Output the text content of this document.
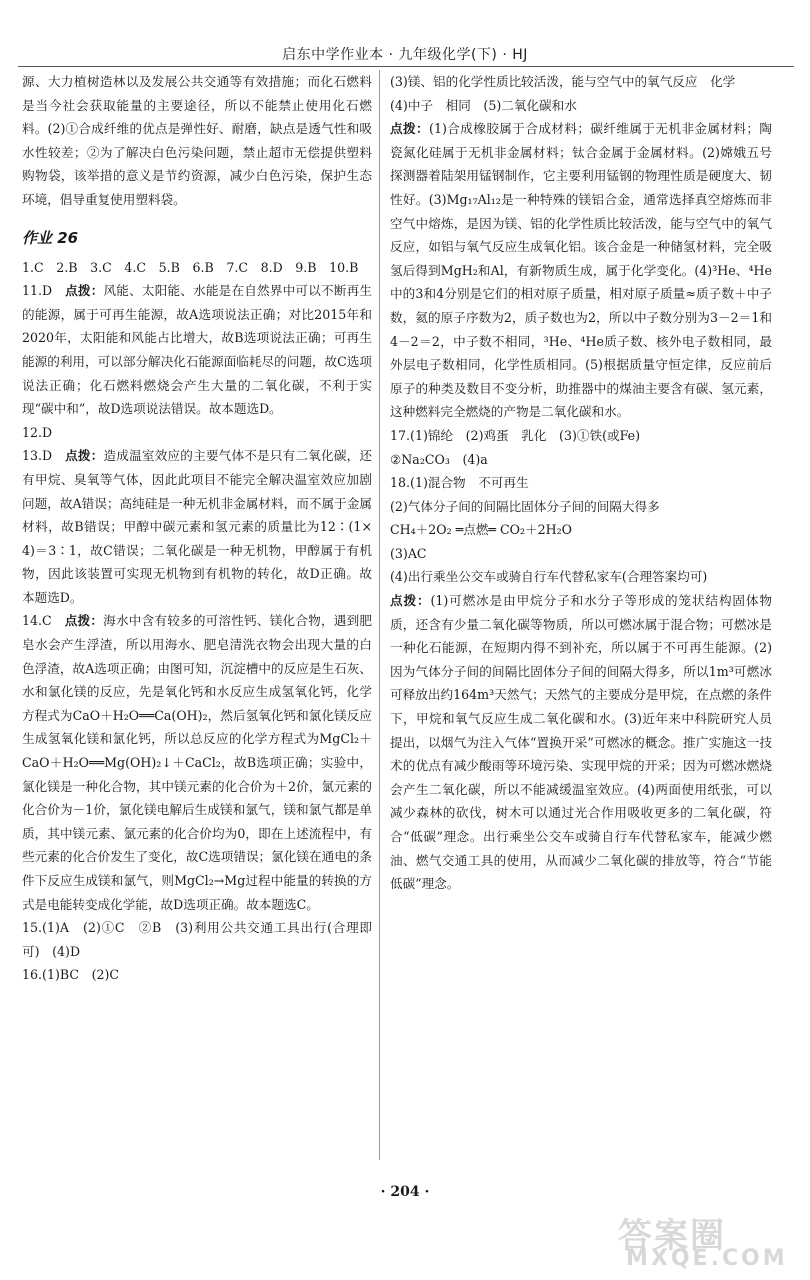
启东中学作业本 · 九年级化学(下) · HJ

源、大力植树造林以及发展公共交通等有效措施；而化石燃料是当今社会获取能量的主要途径，所以不能禁止使用化石燃料。(2)①合成纤维的优点是弹性好、耐磨，缺点是透气性和吸水性较差；②为了解决白色污染问题，禁止超市无偿提供塑料购物袋，该举措的意义是节约资源，减少白色污染，保护生态环境，倡导重复使用塑料袋。

作业 26

1.C　2.B　3.C　4.C　5.B　6.B　7.C　8.D　9.B　10.B

11.D　点拨：风能、太阳能、水能是在自然界中可以不断再生的能源，属于可再生能源，故A选项说法正确；对比2015年和2020年，太阳能和风能占比增大，故B选项说法正确；可再生能源的利用，可以部分解决化石能源面临耗尽的问题，故C选项说法正确；化石燃料燃烧会产生大量的二氧化碳，不利于实现“碳中和”，故D选项说法错误。故本题选D。

12.D

13.D　点拨：造成温室效应的主要气体不是只有二氧化碳，还有甲烷、臭氧等气体，因此此项目不能完全解决温室效应加剧问题，故A错误；高纯硅是一种无机非金属材料，而不属于金属材料，故B错误；甲醇中碳元素和氢元素的质量比为12∶(1×4)＝3∶1，故C错误；二氧化碳是一种无机物，甲醇属于有机物，因此该装置可实现无机物到有机物的转化，故D正确。故本题选D。

14.C　点拨：海水中含有较多的可溶性钙、镁化合物，遇到肥皂水会产生浮渣，所以用海水、肥皂清洗衣物会出现大量的白色浮渣，故A选项正确；由图可知，沉淀槽中的反应是生石灰、水和氯化镁的反应，先是氧化钙和水反应生成氢氧化钙，化学方程式为CaO＋H₂O══Ca(OH)₂，然后氢氧化钙和氯化镁反应生成氢氧化镁和氯化钙，所以总反应的化学方程式为MgCl₂＋CaO＋H₂O══Mg(OH)₂↓＋CaCl₂，故B选项正确；实验中，氯化镁是一种化合物，其中镁元素的化合价为＋2价，氯元素的化合价为－1价，氯化镁电解后生成镁和氯气，镁和氯气都是单质，其中镁元素、氯元素的化合价均为0，即在上述流程中，有些元素的化合价发生了变化，故C选项错误；氯化镁在通电的条件下反应生成镁和氯气，则MgCl₂→Mg过程中能量的转换的方式是电能转变成化学能，故D选项正确。故本题选C。

15.(1)A　(2)①C　②B　(3)利用公共交通工具出行(合理即可)　(4)D

16.(1)BC　(2)C

(3)镁、铝的化学性质比较活泼，能与空气中的氧气反应　化学

(4)中子　相同　(5)二氧化碳和水

点拨：(1)合成橡胶属于合成材料；碳纤维属于无机非金属材料；陶瓷氮化硅属于无机非金属材料；钛合金属于金属材料。(2)嫦娥五号探测器着陆架用锰钢制作，它主要利用锰钢的物理性质是硬度大、韧性好。(3)Mg₁₇Al₁₂是一种特殊的镁铝合金，通常选择真空熔炼而非空气中熔炼，是因为镁、铝的化学性质比较活泼，能与空气中的氧气反应，如铝与氧气反应生成氧化铝。该合金是一种储氢材料，完全吸氢后得到MgH₂和Al，有新物质生成，属于化学变化。(4)³He、⁴He中的3和4分别是它们的相对原子质量，相对原子质量≈质子数＋中子数，氦的原子序数为2，质子数也为2，所以中子数分别为3－2＝1和4－2＝2，中子数不相同，³He、⁴He质子数、核外电子数相同，最外层电子数相同，化学性质相同。(5)根据质量守恒定律，反应前后原子的种类及数目不变分析，助推器中的煤油主要含有碳、氢元素，这种燃料完全燃烧的产物是二氧化碳和水。

17.(1)锦纶　(2)鸡蛋　乳化　(3)①铁(或Fe)

②Na₂CO₃　(4)a

18.(1)混合物　不可再生

(2)气体分子间的间隔比固体分子间的间隔大得多

CH₄＋2O₂ ═点燃═ CO₂＋2H₂O

(3)AC

(4)出行乘坐公交车或骑自行车代替私家车(合理答案均可)

点拨：(1)可燃冰是由甲烷分子和水分子等形成的笼状结构固体物质，还含有少量二氧化碳等物质，所以可燃冰属于混合物；可燃冰是一种化石能源，在短期内得不到补充，所以属于不可再生能源。(2)因为气体分子间的间隔比固体分子间的间隔大得多，所以1m³可燃冰可释放出约164m³天然气；天然气的主要成分是甲烷，在点燃的条件下，甲烷和氧气反应生成二氧化碳和水。(3)近年来中科院研究人员提出，以烟气为注入气体“置换开采”可燃冰的概念。推广实施这一技术的优点有减少酸雨等环境污染、实现甲烷的开采；因为可燃冰燃烧会产生二氧化碳，所以不能减缓温室效应。(4)两面使用纸张，可以减少森林的砍伐，树木可以通过光合作用吸收更多的二氧化碳，符合“低碳”理念。出行乘坐公交车或骑自行车代替私家车，能减少燃油、燃气交通工具的使用，从而减少二氧化碳的排放等，符合“节能低碳”理念。

· 204 ·
答案圈
MXQE.COM
